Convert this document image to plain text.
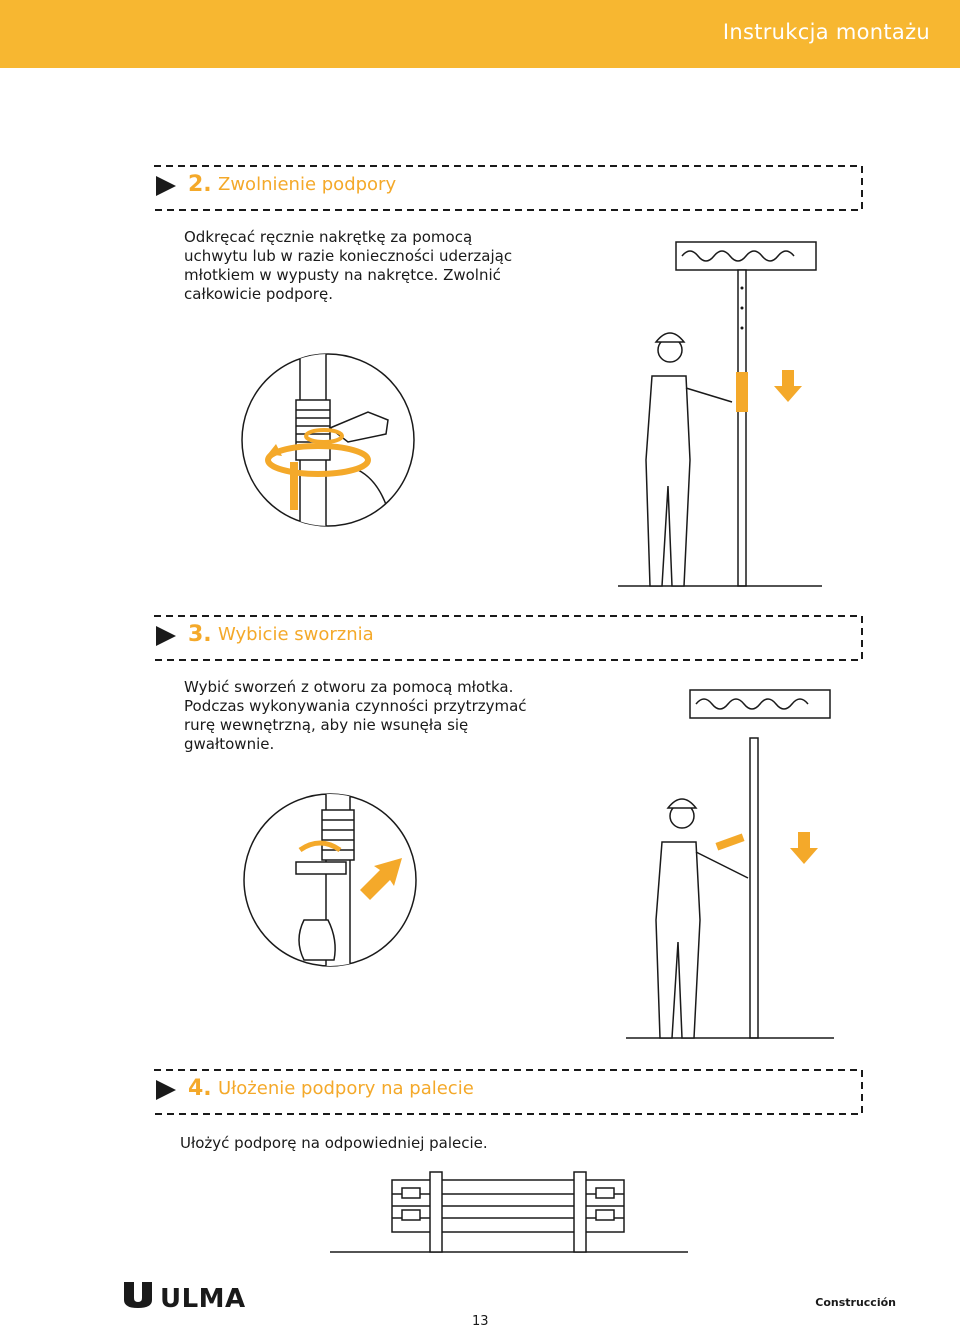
Instrukcja montażu
2. Zwolnienie podpory
Odkręcać ręcznie nakrętkę za pomocą
uchwytu lub w razie konieczności uderzając
młotkiem w wypusty na nakrętce. Zwolnić
całkowicie podporę.
3. Wybicie sworznia
Wybić sworzeń z otworu za pomocą młotka.
Podczas wykonywania czynności przytrzymać
rurę wewnętrzną, aby nie wsunęła się
gwałtownie.
4. Ułożenie podpory na palecie
Ułożyć podporę na odpowiedniej palecie.
ULMA	Construcción
13
